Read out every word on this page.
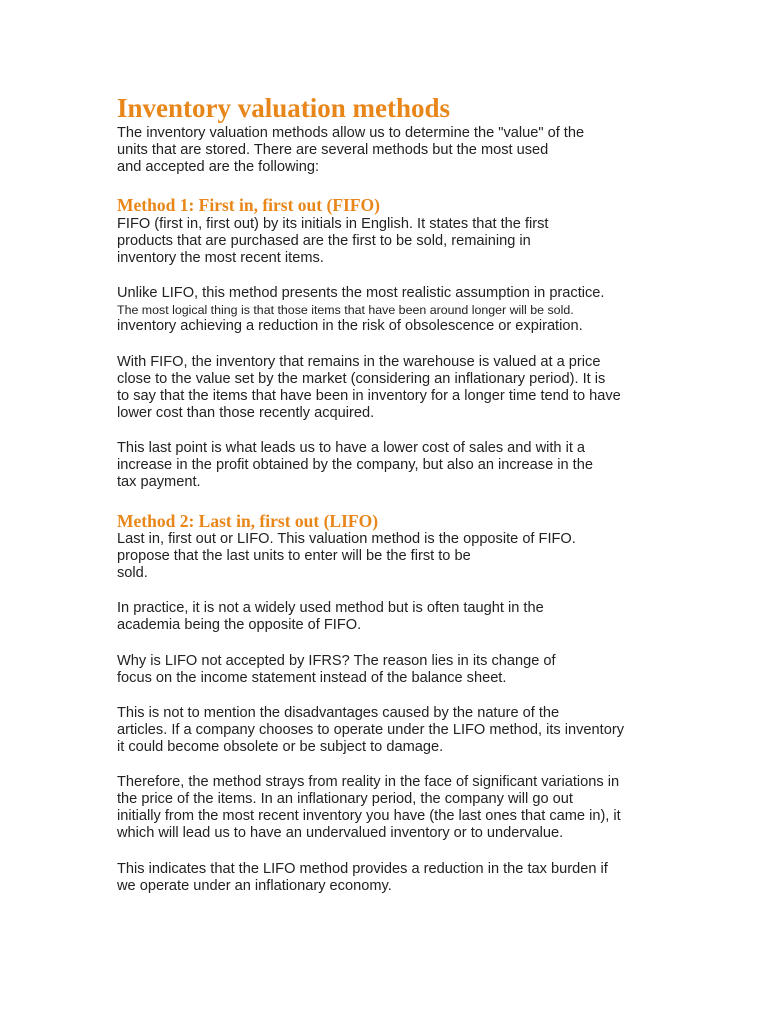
Inventory valuation methods
The inventory valuation methods allow us to determine the "value" of the
units that are stored. There are several methods but the most used
and accepted are the following:
Method 1: First in, first out (FIFO)
FIFO (first in, first out) by its initials in English. It states that the first
products that are purchased are the first to be sold, remaining in
inventory the most recent items.
Unlike LIFO, this method presents the most realistic assumption in practice.
The most logical thing is that those items that have been around longer will be sold.
inventory achieving a reduction in the risk of obsolescence or expiration.
With FIFO, the inventory that remains in the warehouse is valued at a price
close to the value set by the market (considering an inflationary period). It is
to say that the items that have been in inventory for a longer time tend to have
lower cost than those recently acquired.
This last point is what leads us to have a lower cost of sales and with it a
increase in the profit obtained by the company, but also an increase in the
tax payment.
Method 2: Last in, first out (LIFO)
Last in, first out or LIFO. This valuation method is the opposite of FIFO.
propose that the last units to enter will be the first to be
sold.
In practice, it is not a widely used method but is often taught in the
academia being the opposite of FIFO.
Why is LIFO not accepted by IFRS? The reason lies in its change of
focus on the income statement instead of the balance sheet.
This is not to mention the disadvantages caused by the nature of the
articles. If a company chooses to operate under the LIFO method, its inventory
it could become obsolete or be subject to damage.
Therefore, the method strays from reality in the face of significant variations in
the price of the items. In an inflationary period, the company will go out
initially from the most recent inventory you have (the last ones that came in), it
which will lead us to have an undervalued inventory or to undervalue.
This indicates that the LIFO method provides a reduction in the tax burden if
we operate under an inflationary economy.
